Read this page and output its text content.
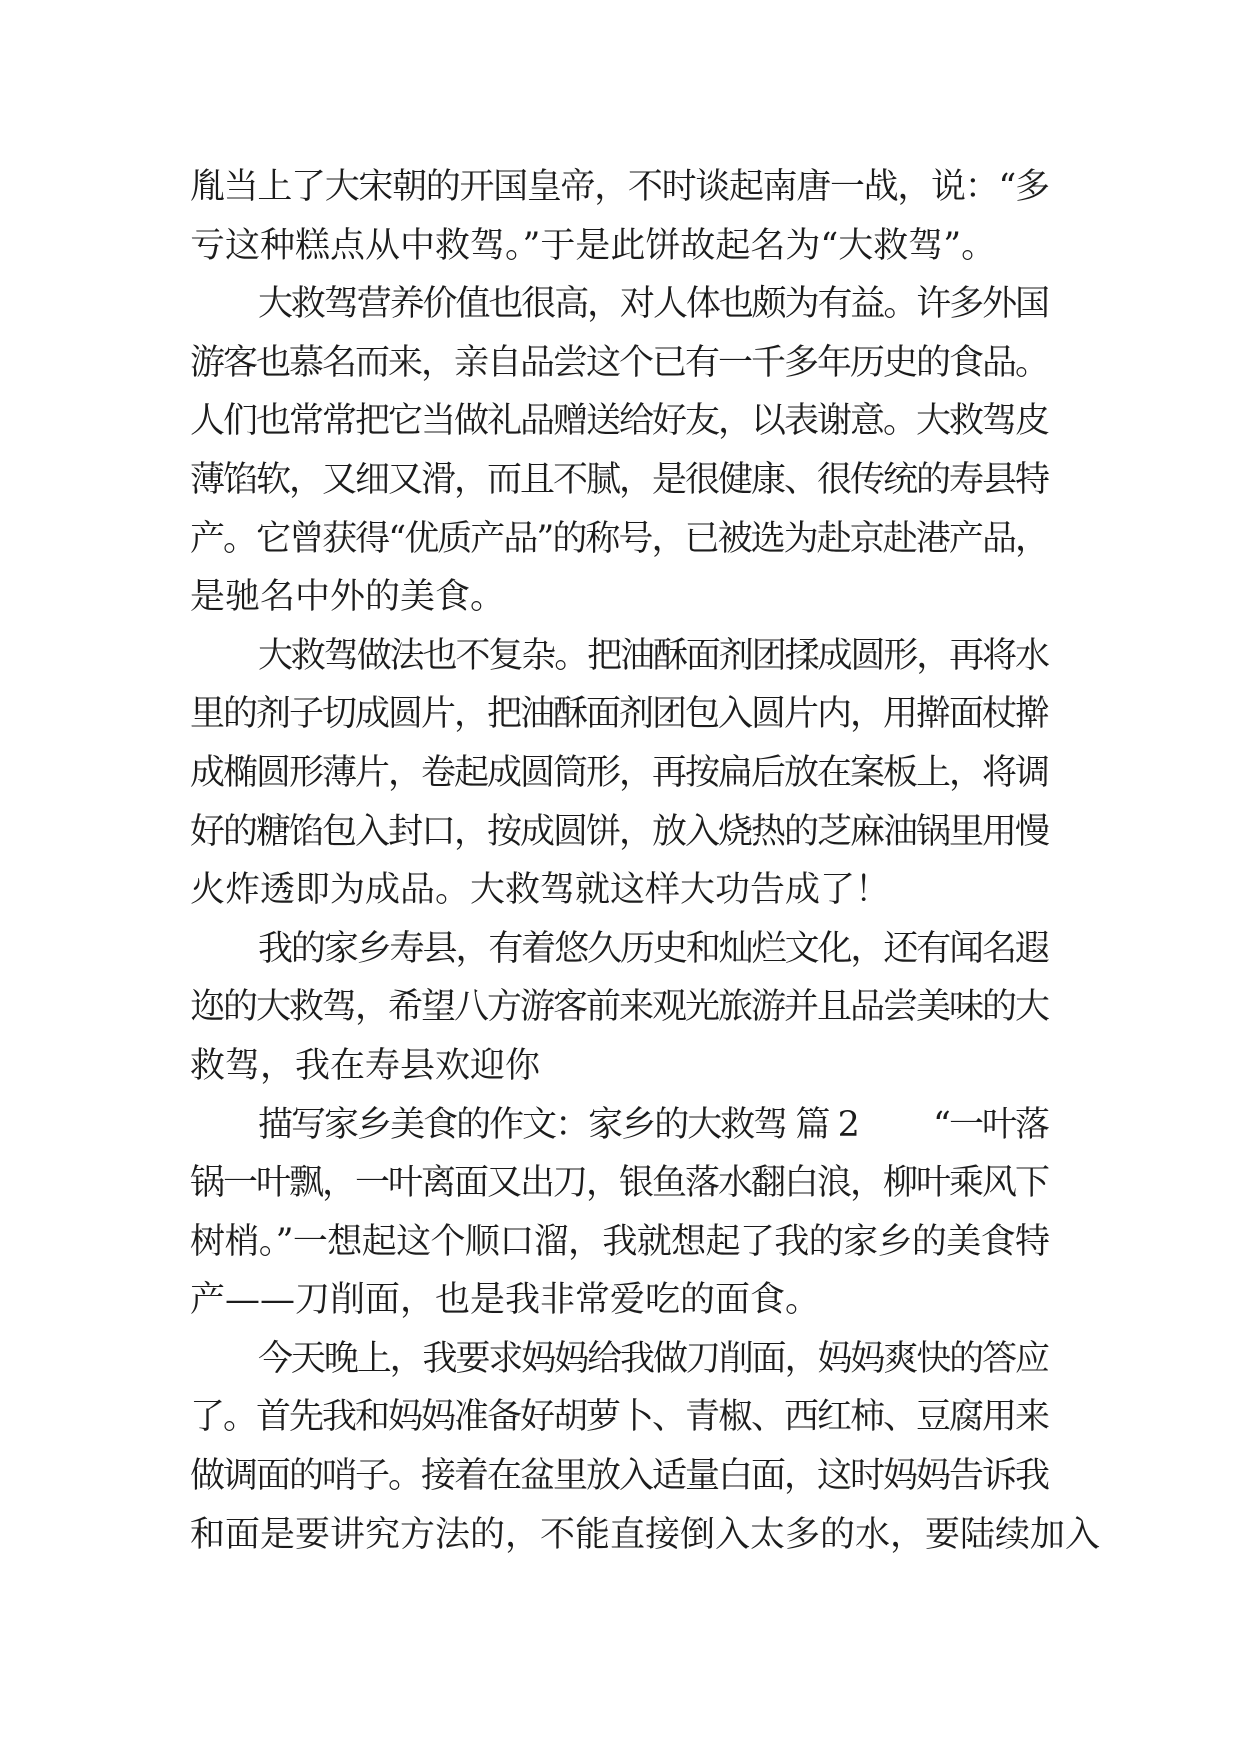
胤当上了大宋朝的开国皇帝，不时谈起南唐一战，说：“多
亏这种糕点从中救驾。”于是此饼故起名为“大救驾”。
大救驾营养价值也很高，对人体也颇为有益。许多外国
游客也慕名而来，亲自品尝这个已有一千多年历史的食品。
人们也常常把它当做礼品赠送给好友，以表谢意。大救驾皮
薄馅软，又细又滑，而且不腻，是很健康、很传统的寿县特
产。它曾获得“优质产品”的称号，已被选为赴京赴港产品，
是驰名中外的美食。
大救驾做法也不复杂。把油酥面剂团揉成圆形，再将水
里的剂子切成圆片，把油酥面剂团包入圆片内，用擀面杖擀
成椭圆形薄片，卷起成圆筒形，再按扁后放在案板上，将调
好的糖馅包入封口，按成圆饼，放入烧热的芝麻油锅里用慢
火炸透即为成品。大救驾就这样大功告成了！
我的家乡寿县，有着悠久历史和灿烂文化，还有闻名遐
迩的大救驾，希望八方游客前来观光旅游并且品尝美味的大
救驾，我在寿县欢迎你
描写家乡美食的作文：家乡的大救驾 篇 2　　 “一叶落
锅一叶飘，一叶离面又出刀，银鱼落水翻白浪，柳叶乘风下
树梢。”一想起这个顺口溜，我就想起了我的家乡的美食特
产——刀削面，也是我非常爱吃的面食。
今天晚上，我要求妈妈给我做刀削面，妈妈爽快的答应
了。首先我和妈妈准备好胡萝卜、青椒、西红柿、豆腐用来
做调面的哨子。接着在盆里放入适量白面，这时妈妈告诉我
和面是要讲究方法的，不能直接倒入太多的水，要陆续加入
